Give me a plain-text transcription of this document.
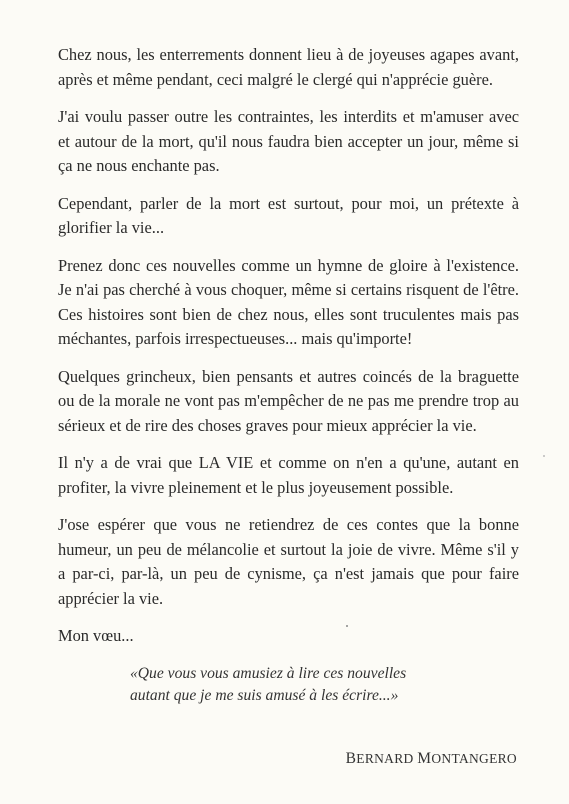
Chez nous, les enterrements donnent lieu à de joyeuses agapes avant, après et même pendant, ceci malgré le clergé qui n'apprécie guère.

J'ai voulu passer outre les contraintes, les interdits et m'amuser avec et autour de la mort, qu'il nous faudra bien accepter un jour, même si ça ne nous enchante pas.

Cependant, parler de la mort est surtout, pour moi, un prétexte à glorifier la vie...

Prenez donc ces nouvelles comme un hymne de gloire à l'existence. Je n'ai pas cherché à vous choquer, même si certains risquent de l'être. Ces histoires sont bien de chez nous, elles sont truculentes mais pas méchantes, parfois irrespectueuses... mais qu'importe!

Quelques grincheux, bien pensants et autres coincés de la braguette ou de la morale ne vont pas m'empêcher de ne pas me prendre trop au sérieux et de rire des choses graves pour mieux apprécier la vie.

Il n'y a de vrai que LA VIE et comme on n'en a qu'une, autant en profiter, la vivre pleinement et le plus joyeusement possible.

J'ose espérer que vous ne retiendrez de ces contes que la bonne humeur, un peu de mélancolie et surtout la joie de vivre. Même s'il y a par-ci, par-là, un peu de cynisme, ça n'est jamais que pour faire apprécier la vie.

Mon vœu...

«Que vous vous amusiez à lire ces nouvelles
autant que je me suis amusé à les écrire...»
BERNARD MONTANGERO
